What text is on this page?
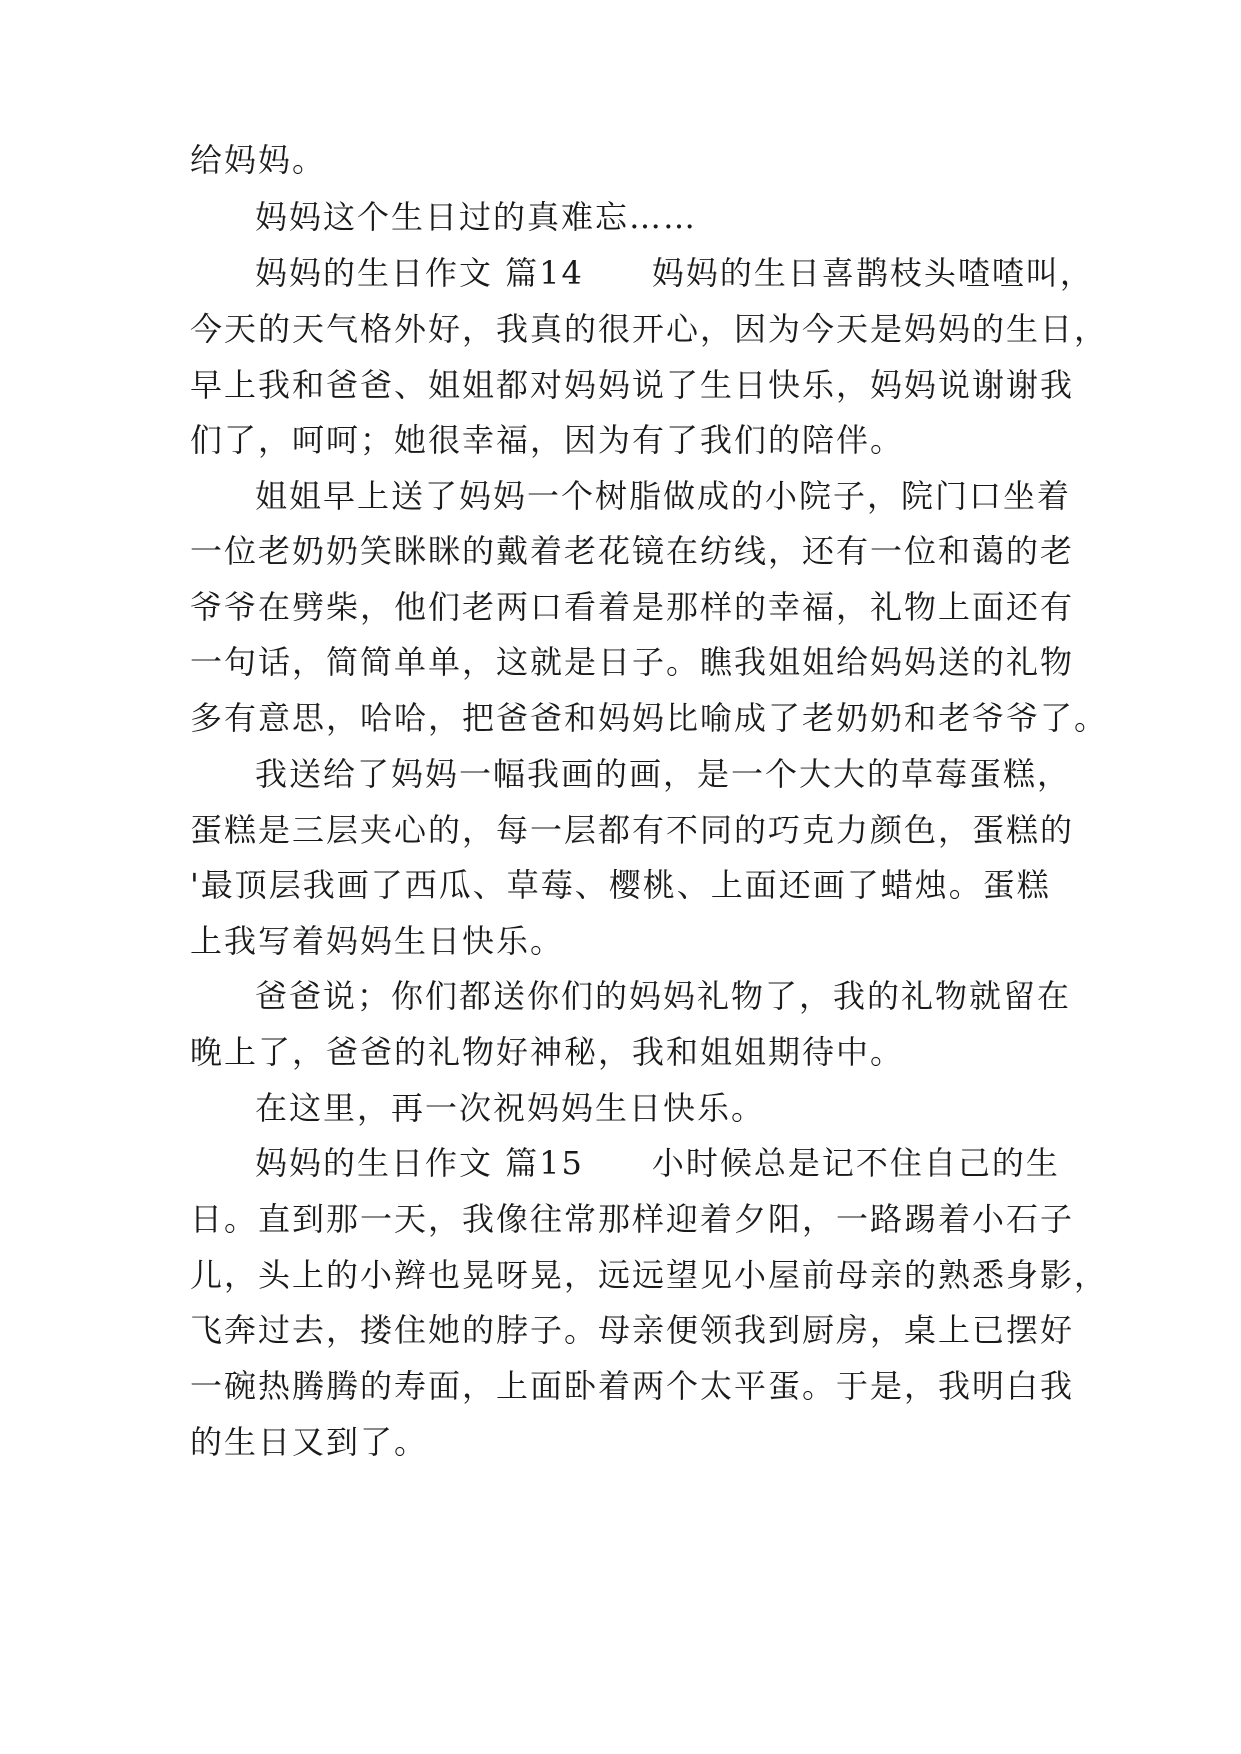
给妈妈。
妈妈这个生日过的真难忘……
妈妈的生日作文 篇14　　妈妈的生日喜鹊枝头喳喳叫，
今天的天气格外好，我真的很开心，因为今天是妈妈的生日，
早上我和爸爸、姐姐都对妈妈说了生日快乐，妈妈说谢谢我
们了，呵呵；她很幸福，因为有了我们的陪伴。
姐姐早上送了妈妈一个树脂做成的小院子，院门口坐着
一位老奶奶笑眯眯的戴着老花镜在纺线，还有一位和蔼的老
爷爷在劈柴，他们老两口看着是那样的幸福，礼物上面还有
一句话，简简单单，这就是日子。瞧我姐姐给妈妈送的礼物
多有意思，哈哈，把爸爸和妈妈比喻成了老奶奶和老爷爷了。
我送给了妈妈一幅我画的画，是一个大大的草莓蛋糕，
蛋糕是三层夹心的，每一层都有不同的巧克力颜色，蛋糕的
'最顶层我画了西瓜、草莓、樱桃、上面还画了蜡烛。蛋糕
上我写着妈妈生日快乐。
爸爸说；你们都送你们的妈妈礼物了，我的礼物就留在
晚上了，爸爸的礼物好神秘，我和姐姐期待中。
在这里，再一次祝妈妈生日快乐。
妈妈的生日作文 篇15　　小时候总是记不住自己的生
日。直到那一天，我像往常那样迎着夕阳，一路踢着小石子
儿，头上的小辫也晃呀晃，远远望见小屋前母亲的熟悉身影，
飞奔过去，搂住她的脖子。母亲便领我到厨房，桌上已摆好
一碗热腾腾的寿面，上面卧着两个太平蛋。于是，我明白我
的生日又到了。
